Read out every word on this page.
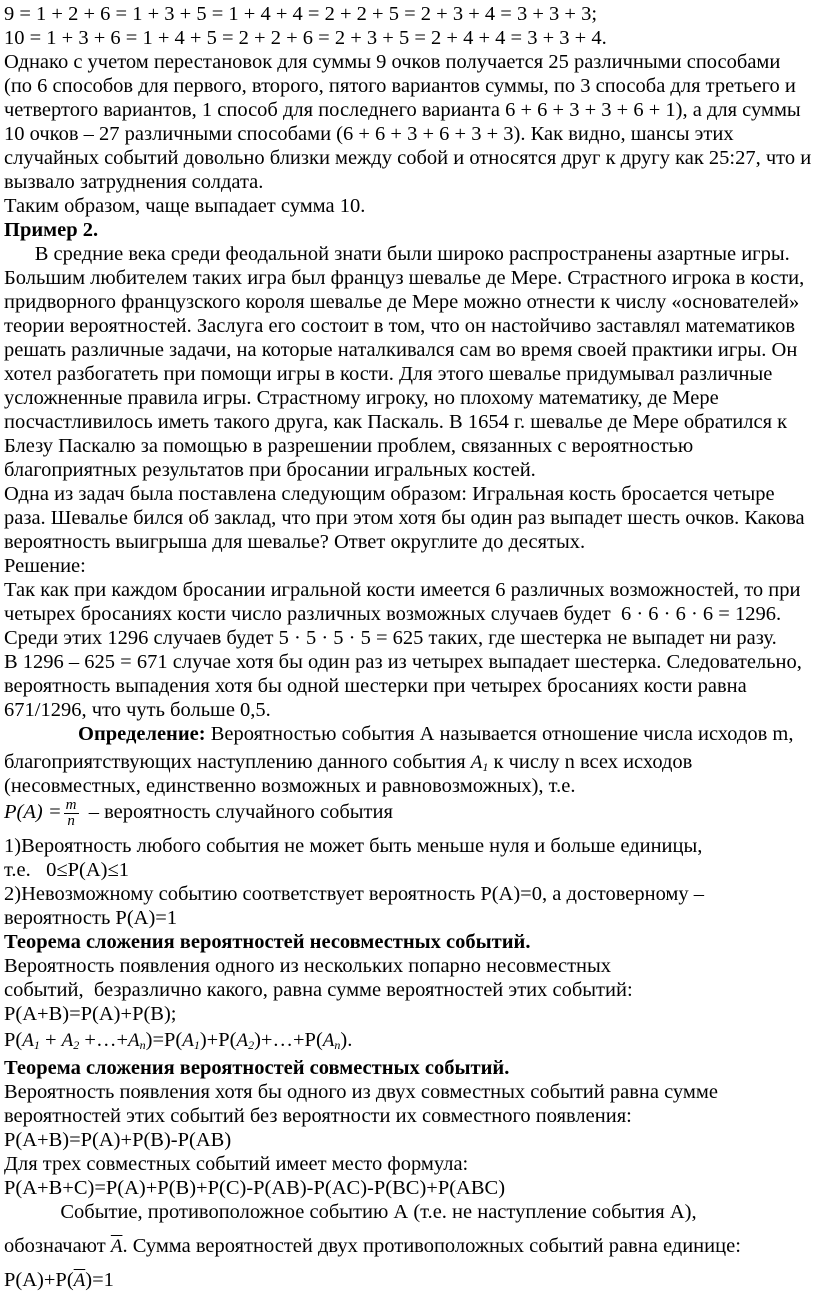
9 = 1 + 2 + 6 = 1 + 3 + 5 = 1 + 4 + 4 = 2 + 2 + 5 = 2 + 3 + 4 = 3 + 3 + 3;
10 = 1 + 3 + 6 = 1 + 4 + 5 = 2 + 2 + 6 = 2 + 3 + 5 = 2 + 4 + 4 = 3 + 3 + 4.
Однако с учетом перестановок для суммы 9 очков получается 25 различными способами
(по 6 способов для первого, второго, пятого вариантов суммы, по 3 способа для третьего и
четвертого вариантов, 1 способ для последнего варианта 6 + 6 + 3 + 3 + 6 + 1), а для суммы
10 очков – 27 различными способами (6 + 6 + 3 + 6 + 3 + 3). Как видно, шансы этих
случайных событий довольно близки между собой и относятся друг к другу как 25:27, что и
вызвало затруднения солдата.
Таким образом, чаще выпадает сумма 10.
Пример 2.
В средние века среди феодальной знати были широко распространены азартные игры.
Большим любителем таких игра был француз шевалье де Мере. Страстного игрока в кости,
придворного французского короля шевалье де Мере можно отнести к числу «основателей»
теории вероятностей. Заслуга его состоит в том, что он настойчиво заставлял математиков
решать различные задачи, на которые наталкивался сам во время своей практики игры. Он
хотел разбогатеть при помощи игры в кости. Для этого шевалье придумывал различные
усложненные правила игры. Страстному игроку, но плохому математику, де Мере
посчастливилось иметь такого друга, как Паскаль. В 1654 г. шевалье де Мере обратился к
Блезу Паскалю за помощью в разрешении проблем, связанных с вероятностью
благоприятных результатов при бросании игральных костей.
Одна из задач была поставлена следующим образом: Игральная кость бросается четыре
раза. Шевалье бился об заклад, что при этом хотя бы один раз выпадет шесть очков. Какова
вероятность выигрыша для шевалье? Ответ округлите до десятых.
Решение:
Так как при каждом бросании игральной кости имеется 6 различных возможностей, то при
четырех бросаниях кости число различных возможных случаев будет  6 · 6 · 6 · 6 = 1296.
Среди этих 1296 случаев будет 5 · 5 · 5 · 5 = 625 таких, где шестерка не выпадет ни разу.
В 1296 – 625 = 671 случае хотя бы один раз из четырех выпадает шестерка. Следовательно,
вероятность выпадения хотя бы одной шестерки при четырех бросаниях кости равна
671/1296, что чуть больше 0,5.
Определение: Вероятностью события А называется отношение числа исходов m,
благоприятствующих наступлению данного события $A_1$ к числу n всех исходов
(несовместных, единственно возможных и равновозможных), т.е.
$P(A) = \frac{m}{n}$ – вероятность случайного события
1)Вероятность любого события не может быть меньше нуля и больше единицы,
т.е.   0≤P(A)≤1
2)Невозможному событию соответствует вероятность P(A)=0, а достоверному –
вероятность P(A)=1
Теорема сложения вероятностей несовместных событий.
Вероятность появления одного из нескольких попарно несовместных
событий,  безразлично какого, равна сумме вероятностей этих событий:
P(A+B)=P(A)+P(B);
$P(A_1 + A_2$ $+\dots+A_n)=P(A_1)+P(A_2)+\dots+P(A_n)$.
Теорема сложения вероятностей совместных событий.
Вероятность появления хотя бы одного из двух совместных событий равна сумме
вероятностей этих событий без вероятности их совместного появления:
P(A+B)=P(A)+P(B)-P(AB)
Для трех совместных событий имеет место формула:
P(A+B+C)=P(A)+P(B)+P(C)-P(AB)-P(AC)-P(BC)+P(ABC)
Событие, противоположное событию А (т.е. не наступление события А),
обозначают $\overline{A}$. Сумма вероятностей двух противоположных событий равна единице:
$P(A)+P(\overline{A})=1$
